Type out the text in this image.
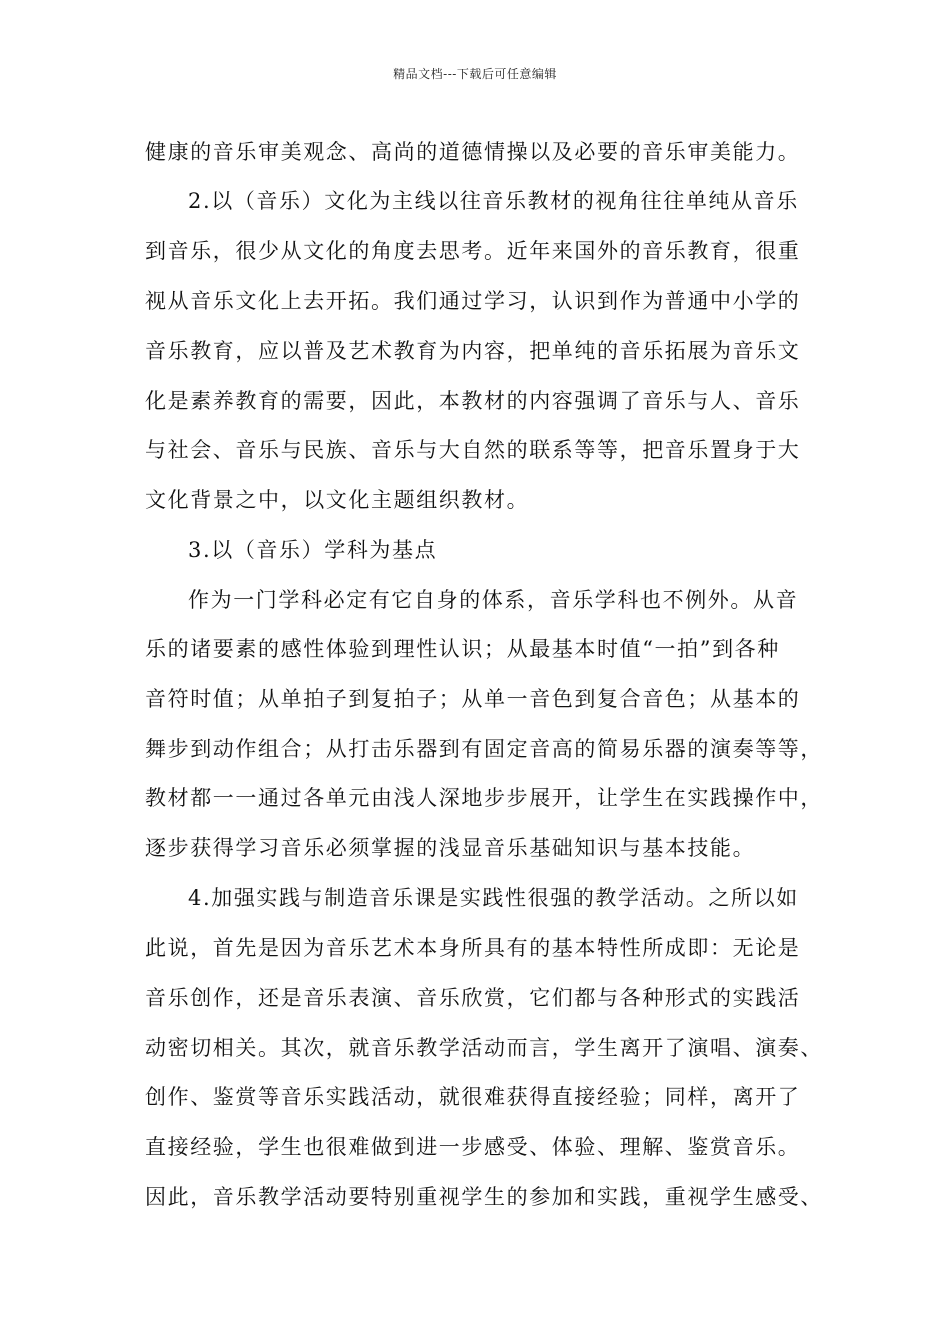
精品文档---下载后可任意编辑
健康的音乐审美观念、高尚的道德情操以及必要的音乐审美能力。
2.以（音乐）文化为主线以往音乐教材的视角往往单纯从音乐
到音乐，很少从文化的角度去思考。近年来国外的音乐教育，很重
视从音乐文化上去开拓。我们通过学习，认识到作为普通中小学的
音乐教育，应以普及艺术教育为内容，把单纯的音乐拓展为音乐文
化是素养教育的需要，因此，本教材的内容强调了音乐与人、音乐
与社会、音乐与民族、音乐与大自然的联系等等，把音乐置身于大
文化背景之中，以文化主题组织教材。
3.以（音乐）学科为基点
作为一门学科必定有它自身的体系，音乐学科也不例外。从音
乐的诸要素的感性体验到理性认识；从最基本时值“一拍”到各种
音符时值；从单拍子到复拍子；从单一音色到复合音色；从基本的
舞步到动作组合；从打击乐器到有固定音高的简易乐器的演奏等等，
教材都一一通过各单元由浅人深地步步展开，让学生在实践操作中，
逐步获得学习音乐必须掌握的浅显音乐基础知识与基本技能。
4.加强实践与制造音乐课是实践性很强的教学活动。之所以如
此说，首先是因为音乐艺术本身所具有的基本特性所成即：无论是
音乐创作，还是音乐表演、音乐欣赏，它们都与各种形式的实践活
动密切相关。其次，就音乐教学活动而言，学生离开了演唱、演奏、
创作、鉴赏等音乐实践活动，就很难获得直接经验；同样，离开了
直接经验，学生也很难做到进一步感受、体验、理解、鉴赏音乐。
因此，音乐教学活动要特别重视学生的参加和实践，重视学生感受、
